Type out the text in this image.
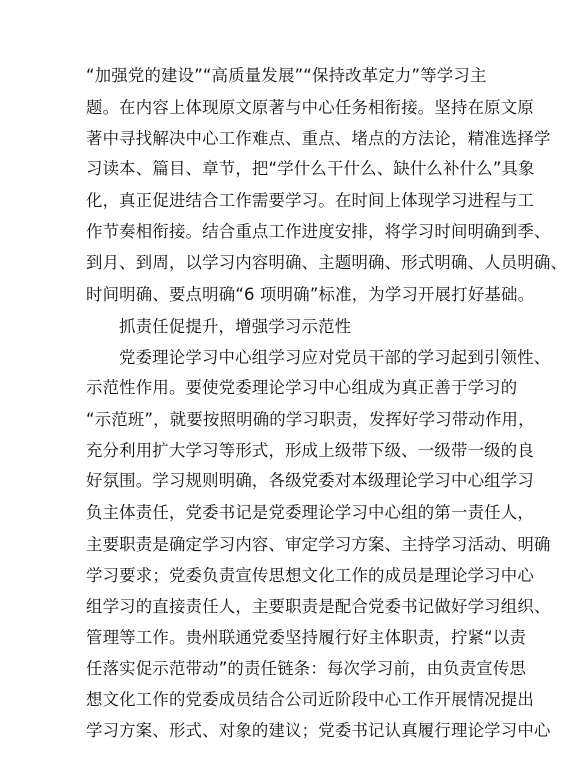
“加强党的建设”“高质量发展”“保持改革定力”等学习主
题。在内容上体现原文原著与中心任务相衔接。坚持在原文原
著中寻找解决中心工作难点、重点、堵点的方法论，精准选择学
习读本、篇目、章节，把“学什么干什么、缺什么补什么”具象
化，真正促进结合工作需要学习。在时间上体现学习进程与工
作节奏相衔接。结合重点工作进度安排，将学习时间明确到季、
到月、到周，以学习内容明确、主题明确、形式明确、人员明确、
时间明确、要点明确“6 项明确”标准，为学习开展打好基础。
抓责任促提升，增强学习示范性
党委理论学习中心组学习应对党员干部的学习起到引领性、
示范性作用。要使党委理论学习中心组成为真正善于学习的
“示范班”，就要按照明确的学习职责，发挥好学习带动作用，
充分利用扩大学习等形式，形成上级带下级、一级带一级的良
好氛围。学习规则明确，各级党委对本级理论学习中心组学习
负主体责任，党委书记是党委理论学习中心组的第一责任人，
主要职责是确定学习内容、审定学习方案、主持学习活动、明确
学习要求；党委负责宣传思想文化工作的成员是理论学习中心
组学习的直接责任人，主要职责是配合党委书记做好学习组织、
管理等工作。贵州联通党委坚持履行好主体职责，拧紧“以责
任落实促示范带动”的责任链条：每次学习前，由负责宣传思
想文化工作的党委成员结合公司近阶段中心工作开展情况提出
学习方案、形式、对象的建议；党委书记认真履行理论学习中心
